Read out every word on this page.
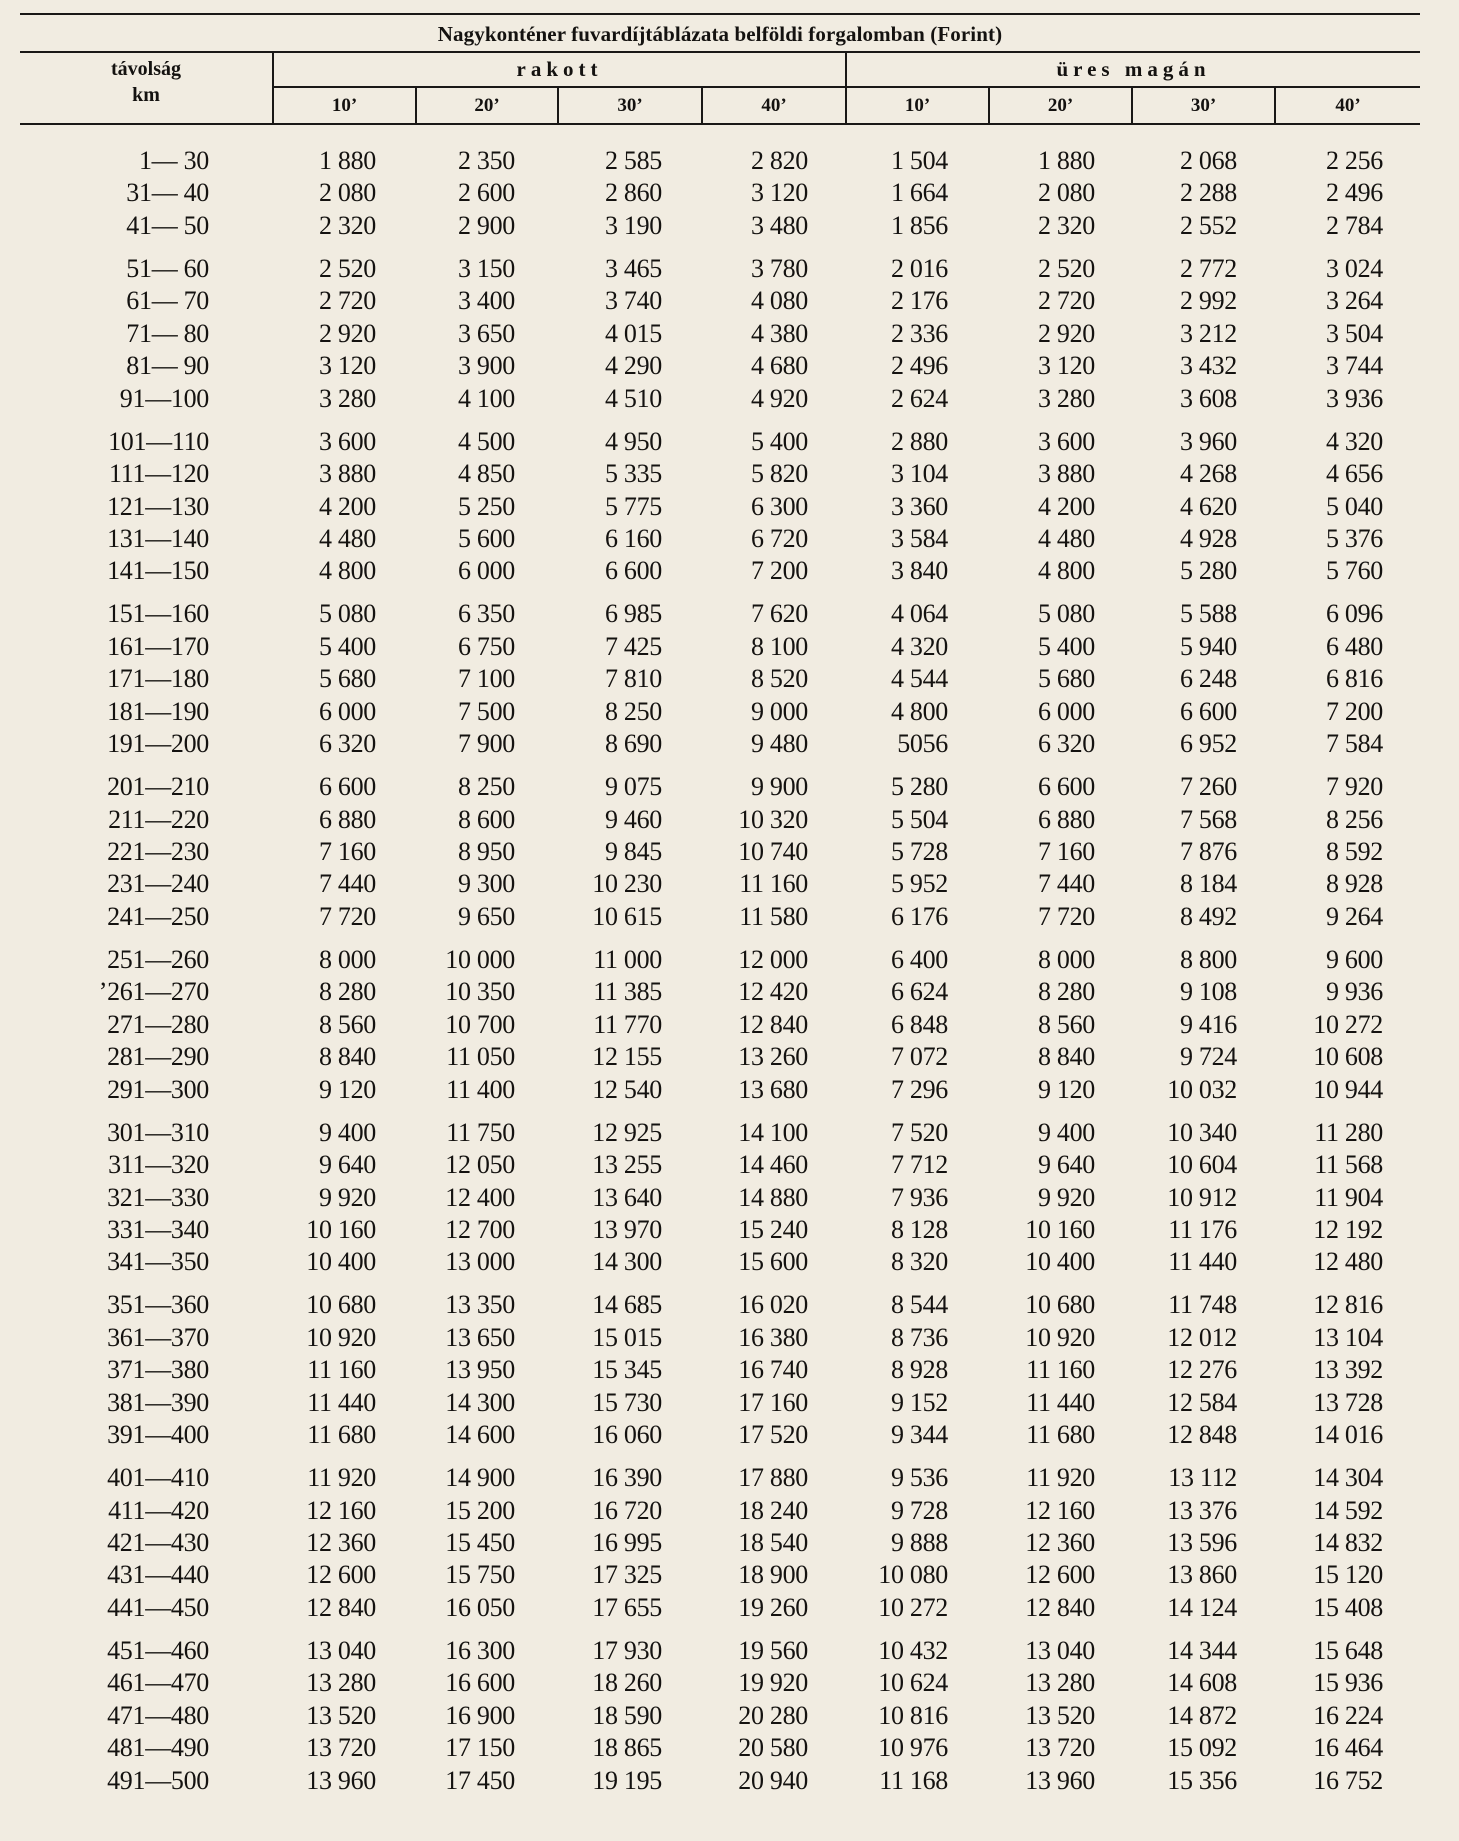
Nagykonténer fuvardíjtáblázata belföldi forgalomban (Forint)
távolság
km
rakott	üres magán
10’	20’	30’	40’	10’	20’	30’	40’
1— 30	1 880	2 350	2 585	2 820	1 504	1 880	2 068	2 256
31— 40	2 080	2 600	2 860	3 120	1 664	2 080	2 288	2 496
41— 50	2 320	2 900	3 190	3 480	1 856	2 320	2 552	2 784
51— 60	2 520	3 150	3 465	3 780	2 016	2 520	2 772	3 024
61— 70	2 720	3 400	3 740	4 080	2 176	2 720	2 992	3 264
71— 80	2 920	3 650	4 015	4 380	2 336	2 920	3 212	3 504
81— 90	3 120	3 900	4 290	4 680	2 496	3 120	3 432	3 744
91—100	3 280	4 100	4 510	4 920	2 624	3 280	3 608	3 936
101—110	3 600	4 500	4 950	5 400	2 880	3 600	3 960	4 320
111—120	3 880	4 850	5 335	5 820	3 104	3 880	4 268	4 656
121—130	4 200	5 250	5 775	6 300	3 360	4 200	4 620	5 040
131—140	4 480	5 600	6 160	6 720	3 584	4 480	4 928	5 376
141—150	4 800	6 000	6 600	7 200	3 840	4 800	5 280	5 760
151—160	5 080	6 350	6 985	7 620	4 064	5 080	5 588	6 096
161—170	5 400	6 750	7 425	8 100	4 320	5 400	5 940	6 480
171—180	5 680	7 100	7 810	8 520	4 544	5 680	6 248	6 816
181—190	6 000	7 500	8 250	9 000	4 800	6 000	6 600	7 200
191—200	6 320	7 900	8 690	9 480	5056	6 320	6 952	7 584
201—210	6 600	8 250	9 075	9 900	5 280	6 600	7 260	7 920
211—220	6 880	8 600	9 460	10 320	5 504	6 880	7 568	8 256
221—230	7 160	8 950	9 845	10 740	5 728	7 160	7 876	8 592
231—240	7 440	9 300	10 230	11 160	5 952	7 440	8 184	8 928
241—250	7 720	9 650	10 615	11 580	6 176	7 720	8 492	9 264
251—260	8 000	10 000	11 000	12 000	6 400	8 000	8 800	9 600
’261—270	8 280	10 350	11 385	12 420	6 624	8 280	9 108	9 936
271—280	8 560	10 700	11 770	12 840	6 848	8 560	9 416	10 272
281—290	8 840	11 050	12 155	13 260	7 072	8 840	9 724	10 608
291—300	9 120	11 400	12 540	13 680	7 296	9 120	10 032	10 944
301—310	9 400	11 750	12 925	14 100	7 520	9 400	10 340	11 280
311—320	9 640	12 050	13 255	14 460	7 712	9 640	10 604	11 568
321—330	9 920	12 400	13 640	14 880	7 936	9 920	10 912	11 904
331—340	10 160	12 700	13 970	15 240	8 128	10 160	11 176	12 192
341—350	10 400	13 000	14 300	15 600	8 320	10 400	11 440	12 480
351—360	10 680	13 350	14 685	16 020	8 544	10 680	11 748	12 816
361—370	10 920	13 650	15 015	16 380	8 736	10 920	12 012	13 104
371—380	11 160	13 950	15 345	16 740	8 928	11 160	12 276	13 392
381—390	11 440	14 300	15 730	17 160	9 152	11 440	12 584	13 728
391—400	11 680	14 600	16 060	17 520	9 344	11 680	12 848	14 016
401—410	11 920	14 900	16 390	17 880	9 536	11 920	13 112	14 304
411—420	12 160	15 200	16 720	18 240	9 728	12 160	13 376	14 592
421—430	12 360	15 450	16 995	18 540	9 888	12 360	13 596	14 832
431—440	12 600	15 750	17 325	18 900	10 080	12 600	13 860	15 120
441—450	12 840	16 050	17 655	19 260	10 272	12 840	14 124	15 408
451—460	13 040	16 300	17 930	19 560	10 432	13 040	14 344	15 648
461—470	13 280	16 600	18 260	19 920	10 624	13 280	14 608	15 936
471—480	13 520	16 900	18 590	20 280	10 816	13 520	14 872	16 224
481—490	13 720	17 150	18 865	20 580	10 976	13 720	15 092	16 464
491—500	13 960	17 450	19 195	20 940	11 168	13 960	15 356	16 752
